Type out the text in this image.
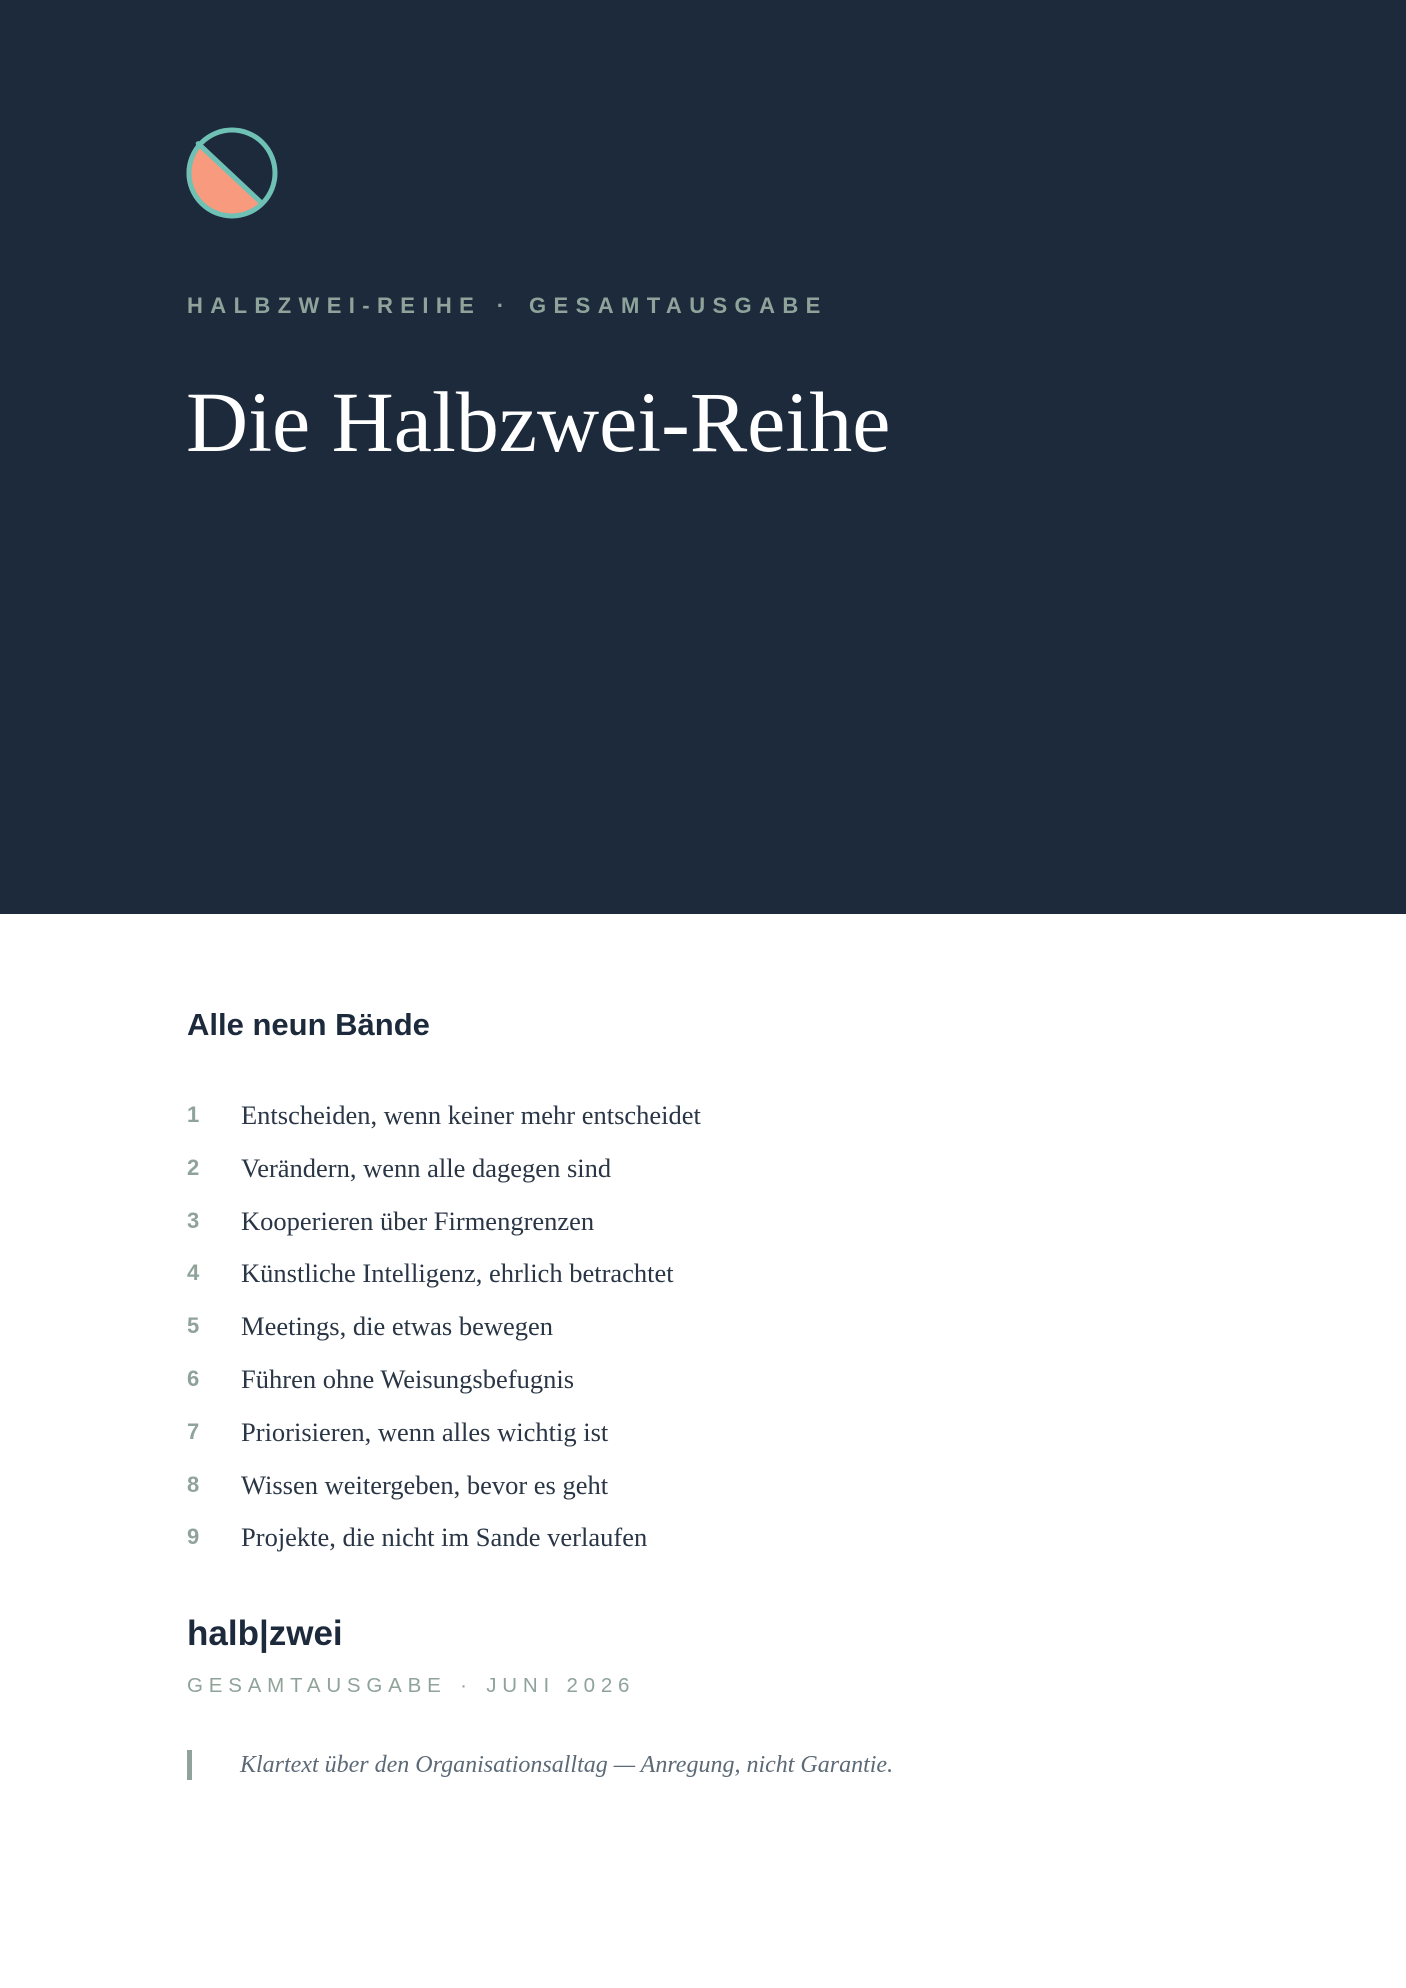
HALBZWEI-REIHE · GESAMTAUSGABE
Die Halbzwei-Reihe
Alle neun Bände
1	Entscheiden, wenn keiner mehr entscheidet
2	Verändern, wenn alle dagegen sind
3	Kooperieren über Firmengrenzen
4	Künstliche Intelligenz, ehrlich betrachtet
5	Meetings, die etwas bewegen
6	Führen ohne Weisungsbefugnis
7	Priorisieren, wenn alles wichtig ist
8	Wissen weitergeben, bevor es geht
9	Projekte, die nicht im Sande verlaufen
halb|zwei
GESAMTAUSGABE · JUNI 2026
Klartext über den Organisationsalltag — Anregung, nicht Garantie.
